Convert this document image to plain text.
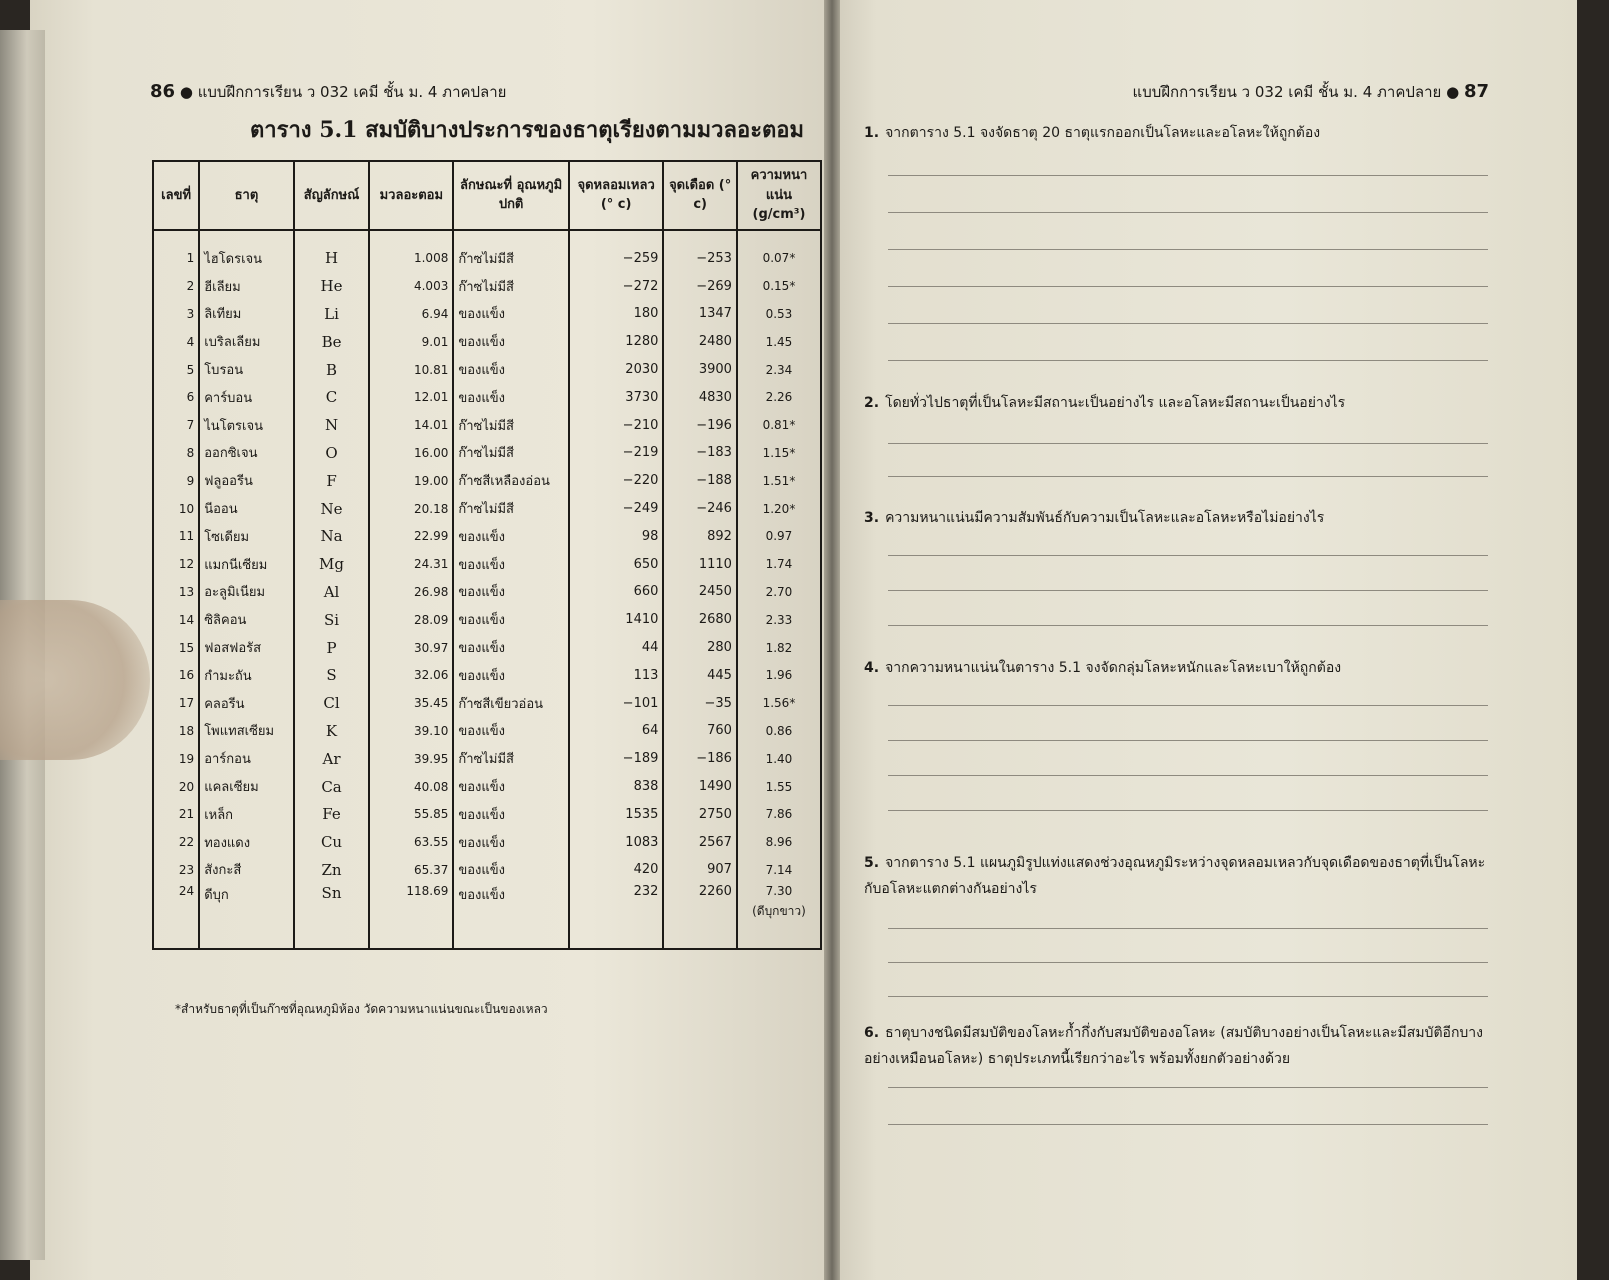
86 ● แบบฝึกการเรียน ว 032 เคมี ชั้น ม. 4 ภาคปลาย
ตาราง 5.1 สมบัติบางประการของธาตุเรียงตามมวลอะตอม
เลขที่	ธาตุ	สัญลักษณ์	มวลอะตอม	ลักษณะที่ อุณหภูมิปกติ	จุดหลอมเหลว (° c)	จุดเดือด (° c)	ความหนาแน่น (g/cm³)
1	ไฮโดรเจน	H	1.008	ก๊าซไม่มีสี	−259	−253	0.07*
2	ฮีเลียม	He	4.003	ก๊าซไม่มีสี	−272	−269	0.15*
3	ลิเทียม	Li	6.94	ของแข็ง	180	1347	0.53
4	เบริลเลียม	Be	9.01	ของแข็ง	1280	2480	1.45
5	โบรอน	B	10.81	ของแข็ง	2030	3900	2.34
6	คาร์บอน	C	12.01	ของแข็ง	3730	4830	2.26
7	ไนโตรเจน	N	14.01	ก๊าซไม่มีสี	−210	−196	0.81*
8	ออกซิเจน	O	16.00	ก๊าซไม่มีสี	−219	−183	1.15*
9	ฟลูออรีน	F	19.00	ก๊าซสีเหลืองอ่อน	−220	−188	1.51*
10	นีออน	Ne	20.18	ก๊าซไม่มีสี	−249	−246	1.20*
11	โซเดียม	Na	22.99	ของแข็ง	98	892	0.97
12	แมกนีเซียม	Mg	24.31	ของแข็ง	650	1110	1.74
13	อะลูมิเนียม	Al	26.98	ของแข็ง	660	2450	2.70
14	ซิลิคอน	Si	28.09	ของแข็ง	1410	2680	2.33
15	ฟอสฟอรัส	P	30.97	ของแข็ง	44	280	1.82
16	กำมะถัน	S	32.06	ของแข็ง	113	445	1.96
17	คลอรีน	Cl	35.45	ก๊าซสีเขียวอ่อน	−101	−35	1.56*
18	โพแทสเซียม	K	39.10	ของแข็ง	64	760	0.86
19	อาร์กอน	Ar	39.95	ก๊าซไม่มีสี	−189	−186	1.40
20	แคลเซียม	Ca	40.08	ของแข็ง	838	1490	1.55
21	เหล็ก	Fe	55.85	ของแข็ง	1535	2750	7.86
22	ทองแดง	Cu	63.55	ของแข็ง	1083	2567	8.96
23	สังกะสี	Zn	65.37	ของแข็ง	420	907	7.14
24	ดีบุก	Sn	118.69	ของแข็ง	232	2260	7.30
(ดีบุกขาว)
*สำหรับธาตุที่เป็นก๊าซที่อุณหภูมิห้อง วัดความหนาแน่นขณะเป็นของเหลว
แบบฝึกการเรียน ว 032 เคมี ชั้น ม. 4 ภาคปลาย ● 87
1. จากตาราง 5.1 จงจัดธาตุ 20 ธาตุแรกออกเป็นโลหะและอโลหะให้ถูกต้อง
2. โดยทั่วไปธาตุที่เป็นโลหะมีสถานะเป็นอย่างไร และอโลหะมีสถานะเป็นอย่างไร
3. ความหนาแน่นมีความสัมพันธ์กับความเป็นโลหะและอโลหะหรือไม่อย่างไร
4. จากความหนาแน่นในตาราง 5.1 จงจัดกลุ่มโลหะหนักและโลหะเบาให้ถูกต้อง
5. จากตาราง 5.1 แผนภูมิรูปแท่งแสดงช่วงอุณหภูมิระหว่างจุดหลอมเหลวกับจุดเดือดของธาตุที่เป็นโลหะกับอโลหะแตกต่างกันอย่างไร
6. ธาตุบางชนิดมีสมบัติของโลหะก้ำกึ่งกับสมบัติของอโลหะ (สมบัติบางอย่างเป็นโลหะและมีสมบัติอีกบางอย่างเหมือนอโลหะ) ธาตุประเภทนี้เรียกว่าอะไร พร้อมทั้งยกตัวอย่างด้วย
